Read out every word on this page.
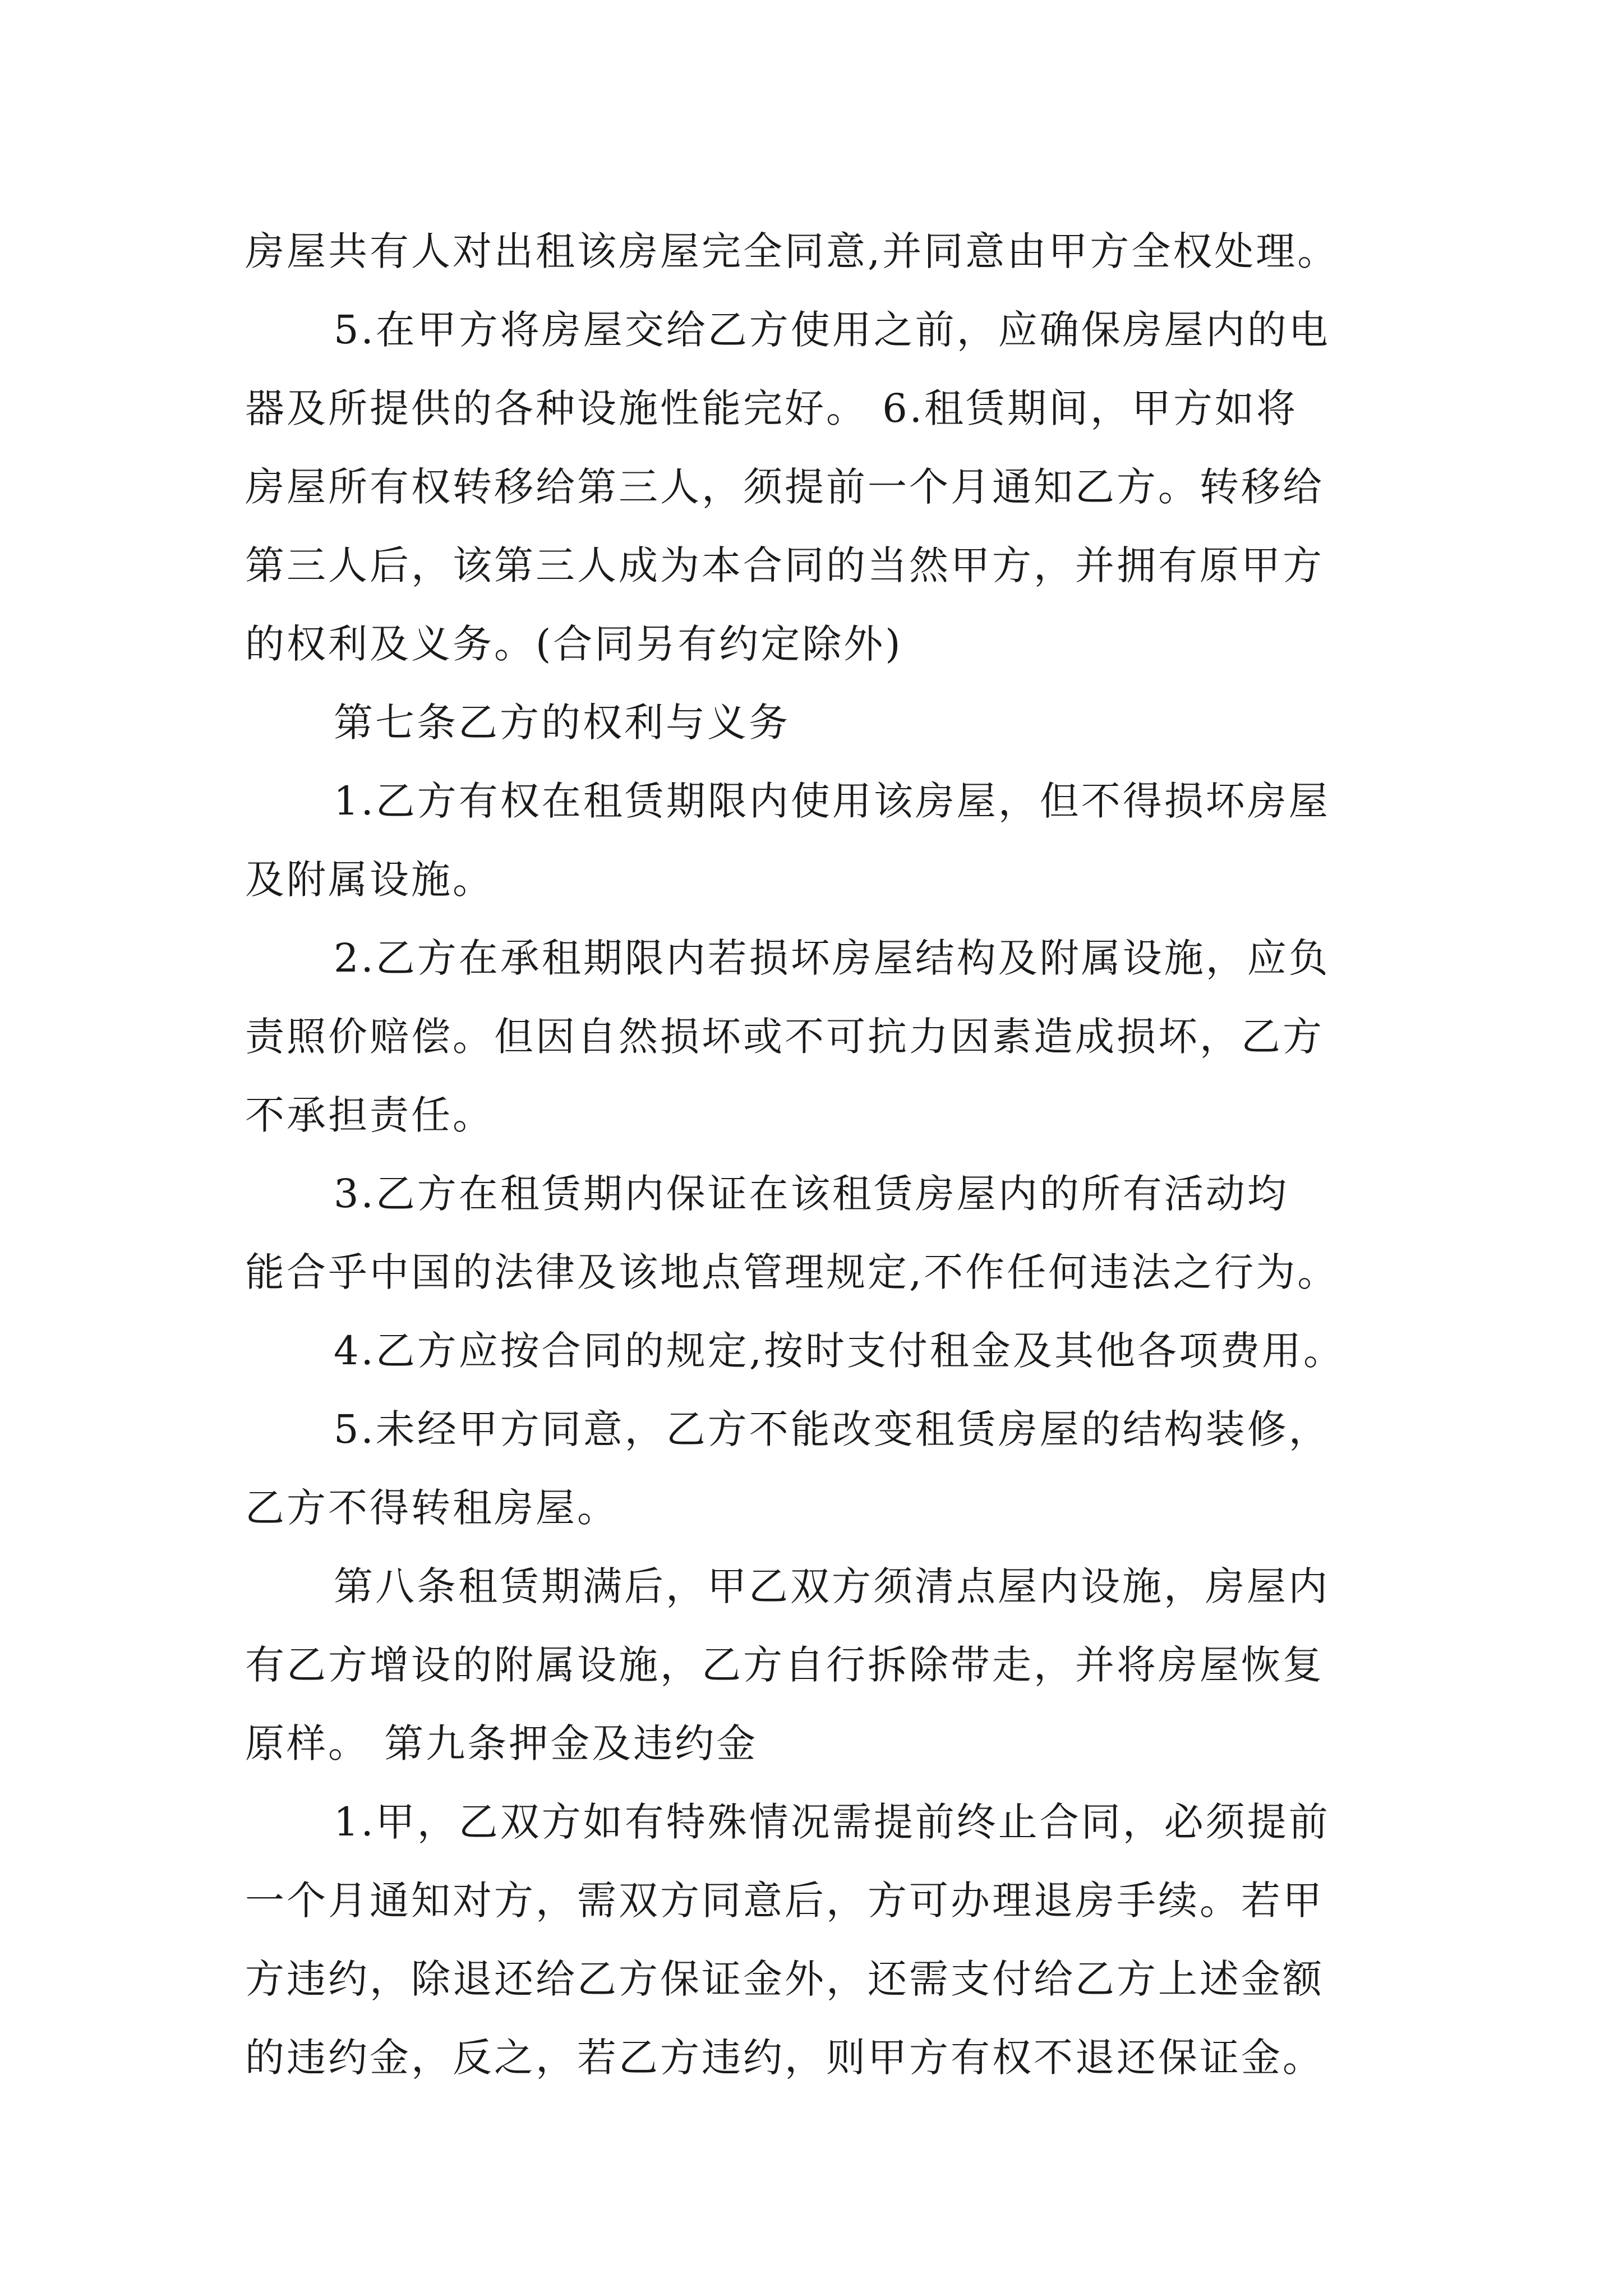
房屋共有人对出租该房屋完全同意,并同意由甲方全权处理。
5.在甲方将房屋交给乙方使用之前，应确保房屋内的电
器及所提供的各种设施性能完好。 6.租赁期间，甲方如将
房屋所有权转移给第三人，须提前一个月通知乙方。转移给
第三人后，该第三人成为本合同的当然甲方，并拥有原甲方
的权利及义务。(合同另有约定除外)
第七条乙方的权利与义务
1.乙方有权在租赁期限内使用该房屋，但不得损坏房屋
及附属设施。
2.乙方在承租期限内若损坏房屋结构及附属设施，应负
责照价赔偿。但因自然损坏或不可抗力因素造成损坏，乙方
不承担责任。
3.乙方在租赁期内保证在该租赁房屋内的所有活动均
能合乎中国的法律及该地点管理规定,不作任何违法之行为。
4.乙方应按合同的规定,按时支付租金及其他各项费用。
5.未经甲方同意，乙方不能改变租赁房屋的结构装修，
乙方不得转租房屋。
第八条租赁期满后，甲乙双方须清点屋内设施，房屋内
有乙方增设的附属设施，乙方自行拆除带走，并将房屋恢复
原样。 第九条押金及违约金
1.甲，乙双方如有特殊情况需提前终止合同，必须提前
一个月通知对方，需双方同意后，方可办理退房手续。若甲
方违约，除退还给乙方保证金外，还需支付给乙方上述金额
的违约金，反之，若乙方违约，则甲方有权不退还保证金。
